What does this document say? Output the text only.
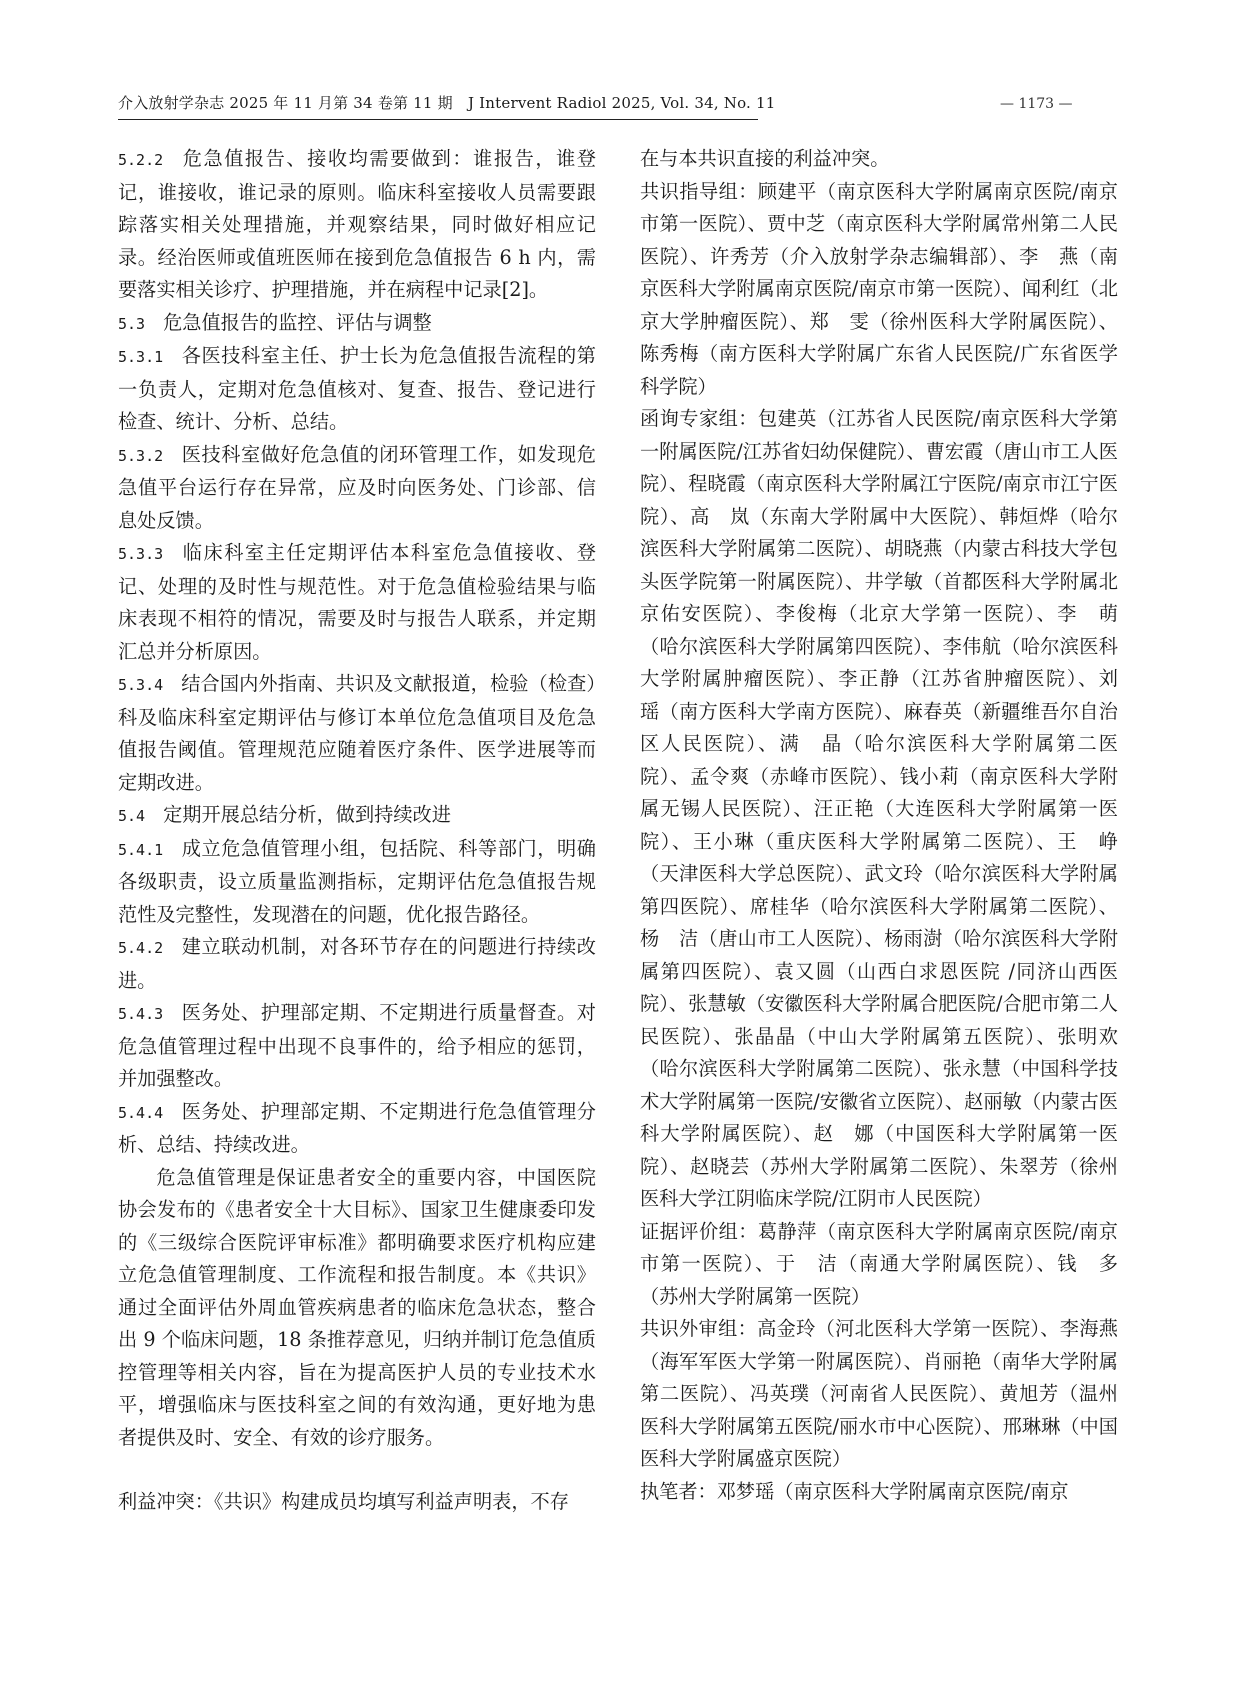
介入放射学杂志 2025 年 11 月第 34 卷第 11 期　J Intervent Radiol 2025, Vol. 34, No. 11	— 1173 —

5.2.2 危急值报告、接收均需要做到：谁报告，谁登记，谁接收，谁记录的原则。临床科室接收人员需要跟踪落实相关处理措施，并观察结果，同时做好相应记录。经治医师或值班医师在接到危急值报告 6 h 内，需要落实相关诊疗、护理措施，并在病程中记录[2]。

5.3 危急值报告的监控、评估与调整

5.3.1 各医技科室主任、护士长为危急值报告流程的第一负责人，定期对危急值核对、复查、报告、登记进行检查、统计、分析、总结。

5.3.2 医技科室做好危急值的闭环管理工作，如发现危急值平台运行存在异常，应及时向医务处、门诊部、信息处反馈。

5.3.3 临床科室主任定期评估本科室危急值接收、登记、处理的及时性与规范性。对于危急值检验结果与临床表现不相符的情况，需要及时与报告人联系，并定期汇总并分析原因。

5.3.4 结合国内外指南、共识及文献报道，检验（检查）科及临床科室定期评估与修订本单位危急值项目及危急值报告阈值。管理规范应随着医疗条件、医学进展等而定期改进。

5.4 定期开展总结分析，做到持续改进

5.4.1 成立危急值管理小组，包括院、科等部门，明确各级职责，设立质量监测指标，定期评估危急值报告规范性及完整性，发现潜在的问题，优化报告路径。

5.4.2 建立联动机制，对各环节存在的问题进行持续改进。

5.4.3 医务处、护理部定期、不定期进行质量督查。对危急值管理过程中出现不良事件的，给予相应的惩罚，并加强整改。

5.4.4 医务处、护理部定期、不定期进行危急值管理分析、总结、持续改进。

危急值管理是保证患者安全的重要内容，中国医院协会发布的《患者安全十大目标》、国家卫生健康委印发的《三级综合医院评审标准》都明确要求医疗机构应建立危急值管理制度、工作流程和报告制度。本《共识》通过全面评估外周血管疾病患者的临床危急状态，整合出 9 个临床问题，18 条推荐意见，归纳并制订危急值质控管理等相关内容，旨在为提高医护人员的专业技术水平，增强临床与医技科室之间的有效沟通，更好地为患者提供及时、安全、有效的诊疗服务。

利益冲突：《共识》构建成员均填写利益声明表，不存

在与本共识直接的利益冲突。

共识指导组：顾建平（南京医科大学附属南京医院/南京市第一医院）、贾中芝（南京医科大学附属常州第二人民医院）、许秀芳（介入放射学杂志编辑部）、李　燕（南京医科大学附属南京医院/南京市第一医院）、闻利红（北京大学肿瘤医院）、郑　雯（徐州医科大学附属医院）、陈秀梅（南方医科大学附属广东省人民医院/广东省医学科学院）

函询专家组：包建英（江苏省人民医院/南京医科大学第一附属医院/江苏省妇幼保健院）、曹宏霞（唐山市工人医院）、程晓霞（南京医科大学附属江宁医院/南京市江宁医院）、高　岚（东南大学附属中大医院）、韩烜烨（哈尔滨医科大学附属第二医院）、胡晓燕（内蒙古科技大学包头医学院第一附属医院）、井学敏（首都医科大学附属北京佑安医院）、李俊梅（北京大学第一医院）、李　萌（哈尔滨医科大学附属第四医院）、李伟航（哈尔滨医科大学附属肿瘤医院）、李正静（江苏省肿瘤医院）、刘　瑶（南方医科大学南方医院）、麻春英（新疆维吾尔自治区人民医院）、满　晶（哈尔滨医科大学附属第二医院）、孟令爽（赤峰市医院）、钱小莉（南京医科大学附属无锡人民医院）、汪正艳（大连医科大学附属第一医院）、王小琳（重庆医科大学附属第二医院）、王　峥（天津医科大学总医院）、武文玲（哈尔滨医科大学附属第四医院）、席桂华（哈尔滨医科大学附属第二医院）、杨　洁（唐山市工人医院）、杨雨澍（哈尔滨医科大学附属第四医院）、袁又圆（山西白求恩医院 /同济山西医院）、张慧敏（安徽医科大学附属合肥医院/合肥市第二人民医院）、张晶晶（中山大学附属第五医院）、张明欢（哈尔滨医科大学附属第二医院）、张永慧（中国科学技术大学附属第一医院/安徽省立医院）、赵丽敏（内蒙古医科大学附属医院）、赵　娜（中国医科大学附属第一医院）、赵晓芸（苏州大学附属第二医院）、朱翠芳（徐州医科大学江阴临床学院/江阴市人民医院）

证据评价组：葛静萍（南京医科大学附属南京医院/南京市第一医院）、于　洁（南通大学附属医院）、钱　多（苏州大学附属第一医院）

共识外审组：高金玲（河北医科大学第一医院）、李海燕（海军军医大学第一附属医院）、肖丽艳（南华大学附属第二医院）、冯英璞（河南省人民医院）、黄旭芳（温州医科大学附属第五医院/丽水市中心医院）、邢琳琳（中国医科大学附属盛京医院）

执笔者：邓梦瑶（南京医科大学附属南京医院/南京
